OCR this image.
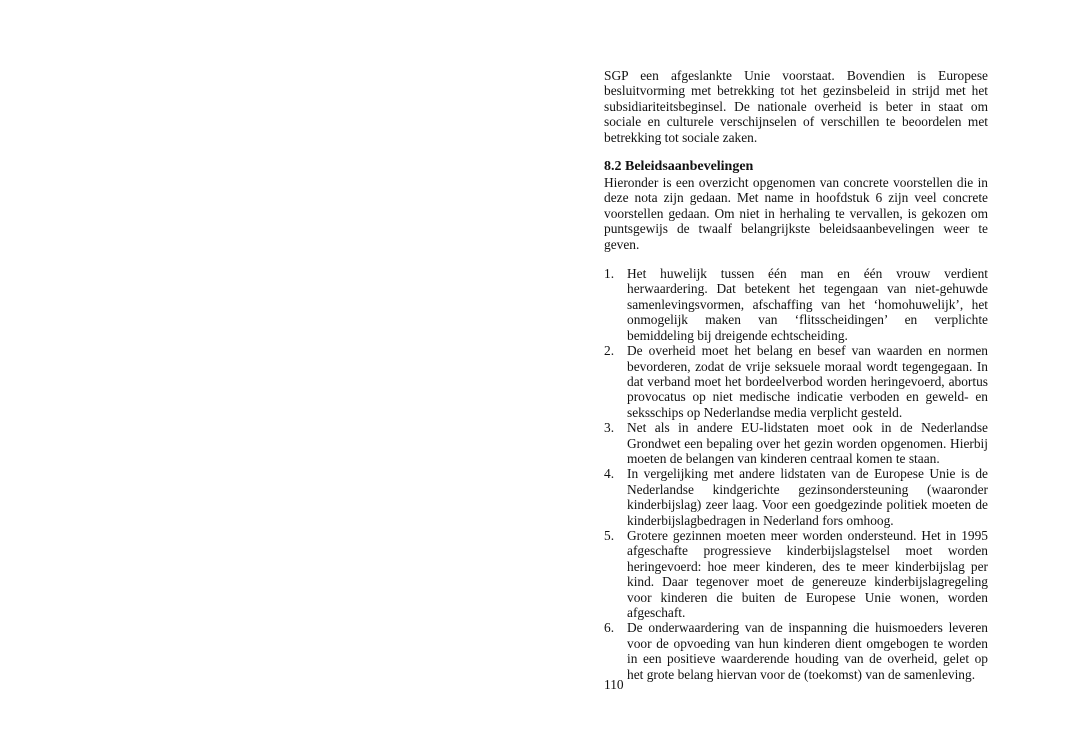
SGP een afgeslankte Unie voorstaat. Bovendien is Europese besluitvorming met betrekking tot het gezinsbeleid in strijd met het subsidiariteitsbeginsel. De nationale overheid is beter in staat om sociale en culturele verschijnselen of verschillen te beoordelen met betrekking tot sociale zaken.

8.2 Beleidsaanbevelingen

Hieronder is een overzicht opgenomen van concrete voorstellen die in deze nota zijn gedaan. Met name in hoofdstuk 6 zijn veel concrete voorstellen gedaan. Om niet in herhaling te vervallen, is gekozen om puntsgewijs de twaalf belangrijkste beleidsaanbevelingen weer te geven.

1. Het huwelijk tussen één man en één vrouw verdient herwaardering. Dat betekent het tegengaan van niet-gehuwde samenlevingsvormen, afschaffing van het ‘homohuwelijk’, het onmogelijk maken van ‘flitsscheidingen’ en verplichte bemiddeling bij dreigende echtscheiding.
2. De overheid moet het belang en besef van waarden en normen bevorderen, zodat de vrije seksuele moraal wordt tegengegaan. In dat verband moet het bordeelverbod worden heringevoerd, abortus provocatus op niet medische indicatie verboden en geweld- en seksschips op Nederlandse media verplicht gesteld.
3. Net als in andere EU-lidstaten moet ook in de Nederlandse Grondwet een bepaling over het gezin worden opgenomen. Hierbij moeten de belangen van kinderen centraal komen te staan.
4. In vergelijking met andere lidstaten van de Europese Unie is de Nederlandse kindgerichte gezinsondersteuning (waaronder kinderbijslag) zeer laag. Voor een goedgezinde politiek moeten de kinderbijslagbedragen in Nederland fors omhoog.
5. Grotere gezinnen moeten meer worden ondersteund. Het in 1995 afgeschafte progressieve kinderbijslagstelsel moet worden heringevoerd: hoe meer kinderen, des te meer kinderbijslag per kind. Daar tegenover moet de genereuze kinderbijslagregeling voor kinderen die buiten de Europese Unie wonen, worden afgeschaft.
6. De onderwaardering van de inspanning die huismoeders leveren voor de opvoeding van hun kinderen dient omgebogen te worden in een positieve waarderende houding van de overheid, gelet op het grote belang hiervan voor de (toekomst) van de samenleving.
110
